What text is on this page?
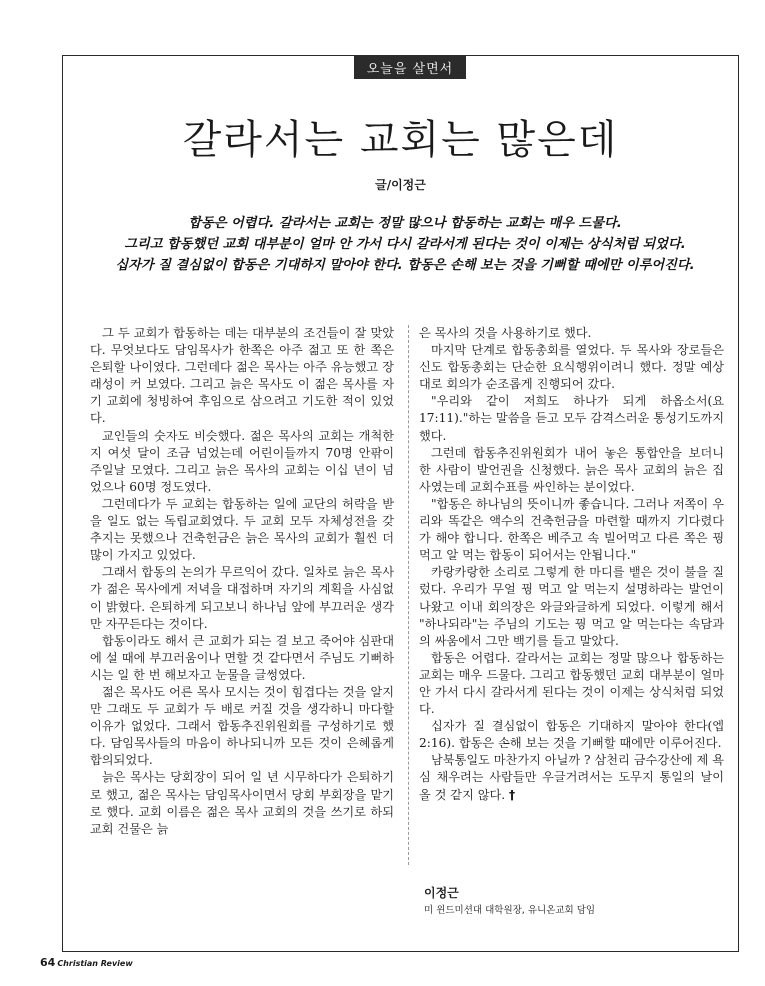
오늘을 살면서
갈라서는 교회는 많은데
글/이정근
합동은 어렵다. 갈라서는 교회는 정말 많으나 합동하는 교회는 매우 드물다.
그리고 합동했던 교회 대부분이 얼마 안 가서 다시 갈라서게 된다는 것이 이제는 상식처럼 되었다.
십자가 질 결심없이 합동은 기대하지 말아야 한다. 합동은 손해 보는 것을 기뻐할 때에만 이루어진다.

그 두 교회가 합동하는 데는 대부분의 조건들이 잘 맞았다. 무엇보다도 담임목사가 한쪽은 아주 젊고 또 한 쪽은 은퇴할 나이였다. 그런데다 젊은 목사는 아주 유능했고 장래성이 커 보였다. 그리고 늙은 목사도 이 젊은 목사를 자기 교회에 청빙하여 후임으로 삼으려고 기도한 적이 있었다.

교인들의 숫자도 비슷했다. 젊은 목사의 교회는 개척한지 여섯 달이 조금 넘었는데 어린이들까지 70명 안팎이 주일날 모였다. 그리고 늙은 목사의 교회는 이십 년이 넘었으나 60명 정도였다.

그런데다가 두 교회는 합동하는 일에 교단의 허락을 받을 일도 없는 독립교회였다. 두 교회 모두 자체성전을 갖추지는 못했으나 건축헌금은 늙은 목사의 교회가 훨씬 더 많이 가지고 있었다.

그래서 합동의 논의가 무르익어 갔다. 일차로 늙은 목사가 젊은 목사에게 저녁을 대접하며 자기의 계획을 사심없이 밝혔다. 은퇴하게 되고보니 하나님 앞에 부끄러운 생각만 자꾸든다는 것이다.

합동이라도 해서 큰 교회가 되는 걸 보고 죽어야 심판대에 설 때에 부끄러움이나 면할 것 같다면서 주님도 기뻐하시는 일 한 번 해보자고 눈물을 글썽였다.

젊은 목사도 어른 목사 모시는 것이 힘겹다는 것을 알지만 그래도 두 교회가 두 배로 커질 것을 생각하니 마다할 이유가 없었다. 그래서 합동추진위원회를 구성하기로 했다. 담임목사들의 마음이 하나되니까 모든 것이 은혜롭게 합의되었다.

늙은 목사는 당회장이 되어 일 년 시무하다가 은퇴하기로 했고, 젊은 목사는 담임목사이면서 당회 부회장을 맡기로 했다. 교회 이름은 젊은 목사 교회의 것을 쓰기로 하되 교회 건물은 늙

은 목사의 것을 사용하기로 했다.

마지막 단계로 합동총회를 열었다. 두 목사와 장로들은 신도 합동총회는 단순한 요식행위이려니 했다. 정말 예상대로 회의가 순조롭게 진행되어 갔다.

"우리와 같이 저희도 하나가 되게 하옵소서(요17:11)."하는 말씀을 듣고 모두 감격스러운 통성기도까지 했다.

그런데 합동추진위원회가 내어 놓은 통합안을 보더니 한 사람이 발언권을 신청했다. 늙은 목사 교회의 늙은 집사였는데 교회수표를 싸인하는 분이었다.

"합동은 하나님의 뜻이니까 좋습니다. 그러나 저쪽이 우리와 똑같은 액수의 건축헌금을 마련할 때까지 기다렸다가 해야 합니다. 한쪽은 베주고 속 빌어먹고 다른 쪽은 꿩 먹고 알 먹는 합동이 되어서는 안됩니다."

카랑카랑한 소리로 그렇게 한 마디를 뱉은 것이 불을 질렀다. 우리가 무얼 꿩 먹고 알 먹는지 설명하라는 발언이 나왔고 이내 회의장은 와글와글하게 되었다. 이렇게 해서 "하나되라"는 주님의 기도는 꿩 먹고 알 먹는다는 속담과의 싸움에서 그만 백기를 들고 말았다.

합동은 어렵다. 갈라서는 교회는 정말 많으나 합동하는 교회는 매우 드물다. 그리고 합동했던 교회 대부분이 얼마 안 가서 다시 갈라서게 된다는 것이 이제는 상식처럼 되었다.

십자가 질 결심없이 합동은 기대하지 말아야 한다(엡2:16). 합동은 손해 보는 것을 기뻐할 때에만 이루어진다.

남북통일도 마찬가지 아닐까 ? 삼천리 금수강산에 제 욕심 채우려는 사람들만 우글거려서는 도무지 통일의 날이 올 것 같지 않다. †

이정근
미 윈드미션대 대학원장, 유니온교회 담임
64 Christian Review
